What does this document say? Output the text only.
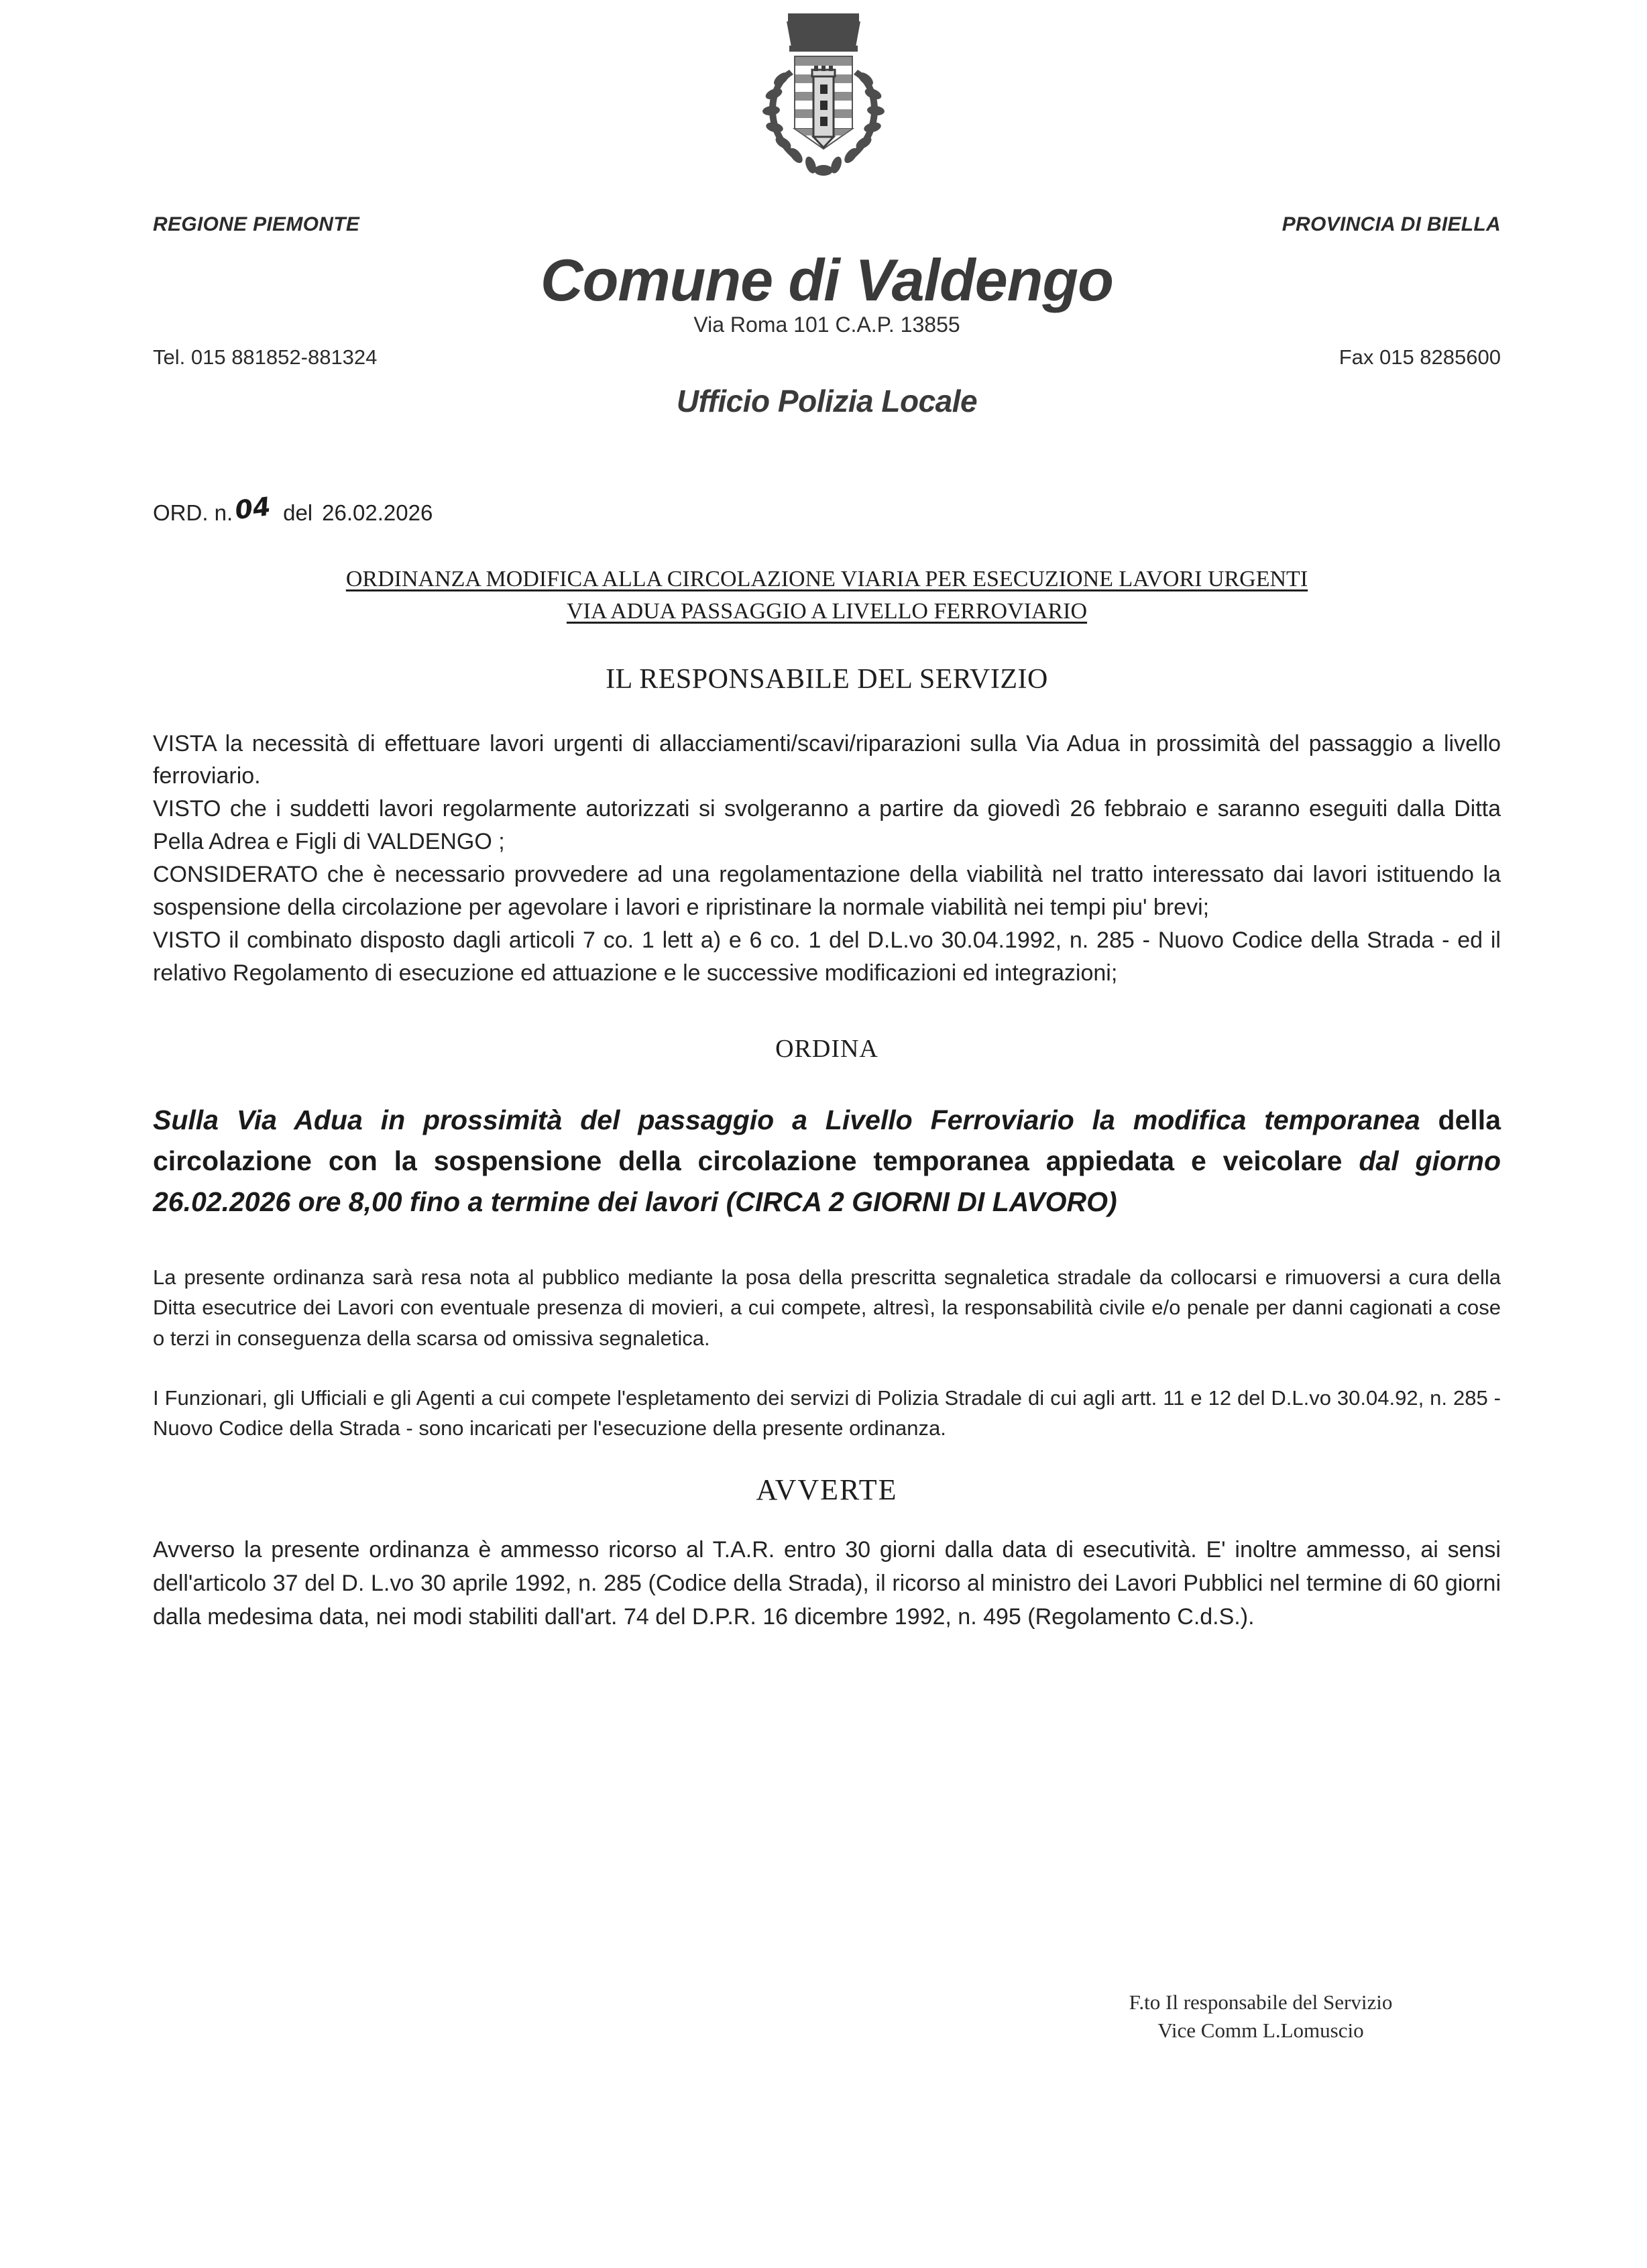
REGIONE PIEMONTE	PROVINCIA DI BIELLA
Comune di Valdengo
Via Roma 101 C.A.P. 13855
Tel. 015 881852-881324	Fax 015 8285600
Ufficio Polizia Locale
ORD. n. 04 del 26.02.2026
ORDINANZA MODIFICA ALLA CIRCOLAZIONE VIARIA PER ESECUZIONE LAVORI URGENTI
VIA ADUA PASSAGGIO A LIVELLO FERROVIARIO
IL RESPONSABILE DEL SERVIZIO

VISTA la necessità di effettuare lavori urgenti di allacciamenti/scavi/riparazioni sulla Via Adua in prossimità del passaggio a livello ferroviario.

VISTO che i suddetti lavori regolarmente autorizzati si svolgeranno a partire da giovedì 26 febbraio e saranno eseguiti dalla Ditta Pella Adrea e Figli di VALDENGO ;

CONSIDERATO che è necessario provvedere ad una regolamentazione della viabilità nel tratto interessato dai lavori istituendo la sospensione della circolazione per agevolare i lavori e ripristinare la normale viabilità nei tempi piu' brevi;

VISTO il combinato disposto dagli articoli 7 co. 1 lett a) e 6 co. 1 del D.L.vo 30.04.1992, n. 285 - Nuovo Codice della Strada - ed il relativo Regolamento di esecuzione ed attuazione e le successive modificazioni ed integrazioni;

ORDINA

Sulla Via Adua in prossimità del passaggio a Livello Ferroviario la modifica temporanea della circolazione con la sospensione della circolazione temporanea appiedata e veicolare dal giorno 26.02.2026 ore 8,00 fino a termine dei lavori (CIRCA 2 GIORNI DI LAVORO)

La presente ordinanza sarà resa nota al pubblico mediante la posa della prescritta segnaletica stradale da collocarsi e rimuoversi a cura della Ditta esecutrice dei Lavori con eventuale presenza di movieri, a cui compete, altresì, la responsabilità civile e/o penale per danni cagionati a cose o terzi in conseguenza della scarsa od omissiva segnaletica.

I Funzionari, gli Ufficiali e gli Agenti a cui compete l'espletamento dei servizi di Polizia Stradale di cui agli artt. 11 e 12 del D.L.vo 30.04.92, n. 285 - Nuovo Codice della Strada - sono incaricati per l'esecuzione della presente ordinanza.

AVVERTE

Avverso la presente ordinanza è ammesso ricorso al T.A.R. entro 30 giorni dalla data di esecutività. E' inoltre ammesso, ai sensi dell'articolo 37 del D. L.vo 30 aprile 1992, n. 285 (Codice della Strada), il ricorso al ministro dei Lavori Pubblici nel termine di 60 giorni dalla medesima data, nei modi stabiliti dall'art. 74 del D.P.R. 16 dicembre 1992, n. 495 (Regolamento C.d.S.).

F.to Il responsabile del Servizio
Vice Comm L.Lomuscio
